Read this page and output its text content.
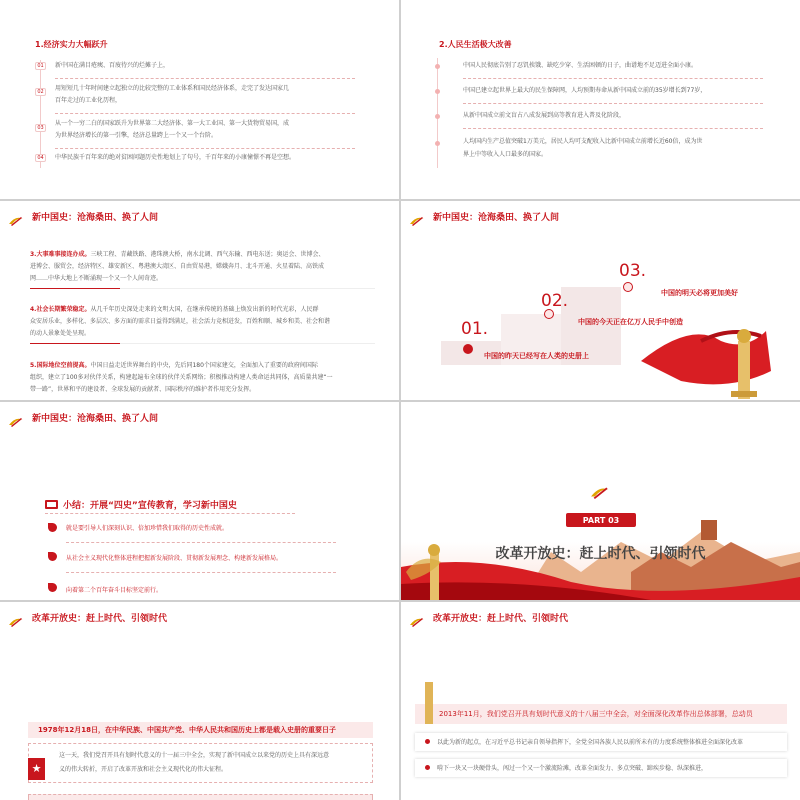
1.经济实力大幅跃升
01	新中国在满目疮痍、百废待兴的烂摊子上，
02	用短短几十年时间建立起独立的比较完整的工业体系和国民经济体系，走完了发达国家几
百年走过的工业化历程，
03
从一个一穷二白的国家跃升为世界第二大经济体、第一大工业国、第一大货物贸易国，成
为世界经济增长的第一引擎，经济总量跨上一个又一个台阶。
04	中华民族千百年来的绝对贫困问题历史性地划上了句号，千百年来的小康憧憬不再是空想。
2.人民生活极大改善
中国人民彻底告别了忍饥挨饿、缺吃少穿、生活困顿的日子，曲谱地不足迈进全面小康。
中国已建立起世界上最大的民生保障网，人均预期寿命从新中国成立前的35岁增长到77岁，
从新中国成立前文盲占八成发展到高等教育进入普及化阶段，
人均国内生产总值突破1万美元，居民人均可支配收入比新中国成立前增长近60倍，成为世
界上中等收入人口最多的国家。
新中国史：沧海桑田、换了人间
3.大事难事接连办成。三峡工程、青藏铁路、港珠澳大桥，南水北调、西气东输、西电东送；奥运会、世博会、
进博会、服贸会，经济特区、雄安新区、粤港澳大湾区、自由贸易港，嫦娥奔月、北斗开通、火星着陆、高铁成
网……中华大地上不断涌现一个又一个人间奇迹。
4.社会长期繁荣稳定。从几千年历史深处走来的文明大国，在继承传统的基础上焕发出新的时代光彩，人民群
众安居乐业，多样化、多层次、多方面的需求日益得到满足，社会活力竞相迸发，百姓和顺、城乡和美、社会和谐
的动人景象处处呈现。
5.国际地位空前提高。中国日益走近世界舞台的中央，先后同180个国家建交，全面加入了重要的政府间国际
组织，建立了100多对伙伴关系，构建起遍布全球的伙伴关系网络；积极推动构建人类命运共同体，高质量共建“一
带一路”，世界和平的建设者、全球发展的贡献者、国际秩序的维护者作用充分发挥。
新中国史：沧海桑田、换了人间
01.
02.
03.
中国的昨天已经写在人类的史册上
中国的今天正在亿万人民手中创造
中国的明天必将更加美好
新中国史：沧海桑田、换了人间
小结：开展“四史”宣传教育，学习新中国史
就是要引导人们深刻认识、倍加珍惜我们取得的历史性成就。
从社会主义现代化整体进程把握新发展阶段、贯彻新发展理念、构建新发展格局。
向着第二个百年奋斗目标坚定前行。
PART 03
改革开放史：赶上时代、引领时代
改革开放史：赶上时代、引领时代
1978年12月18日，在中华民族、中国共产党、中华人民共和国历史上都是载入史册的重要日子
★
这一天，我们党召开具有划时代意义的十一届三中全会，实现了新中国成立以来党的历史上具有深远意
义的伟大转折，开启了改革开放和社会主义现代化的伟大征程。
改革开放史：赶上时代、引领时代
2013年11月，我们党召开具有划时代意义的十八届三中全会，对全面深化改革作出总体部署，总动员
以此为新的起点，在习近平总书记亲自领导指挥下，全党全国各族人民以前所未有的力度系统整体推进全面深化改革
啃下一块又一块硬骨头，闯过一个又一个激流险滩，改革全面发力、多点突破、蹄疾步稳、纵深推进，
